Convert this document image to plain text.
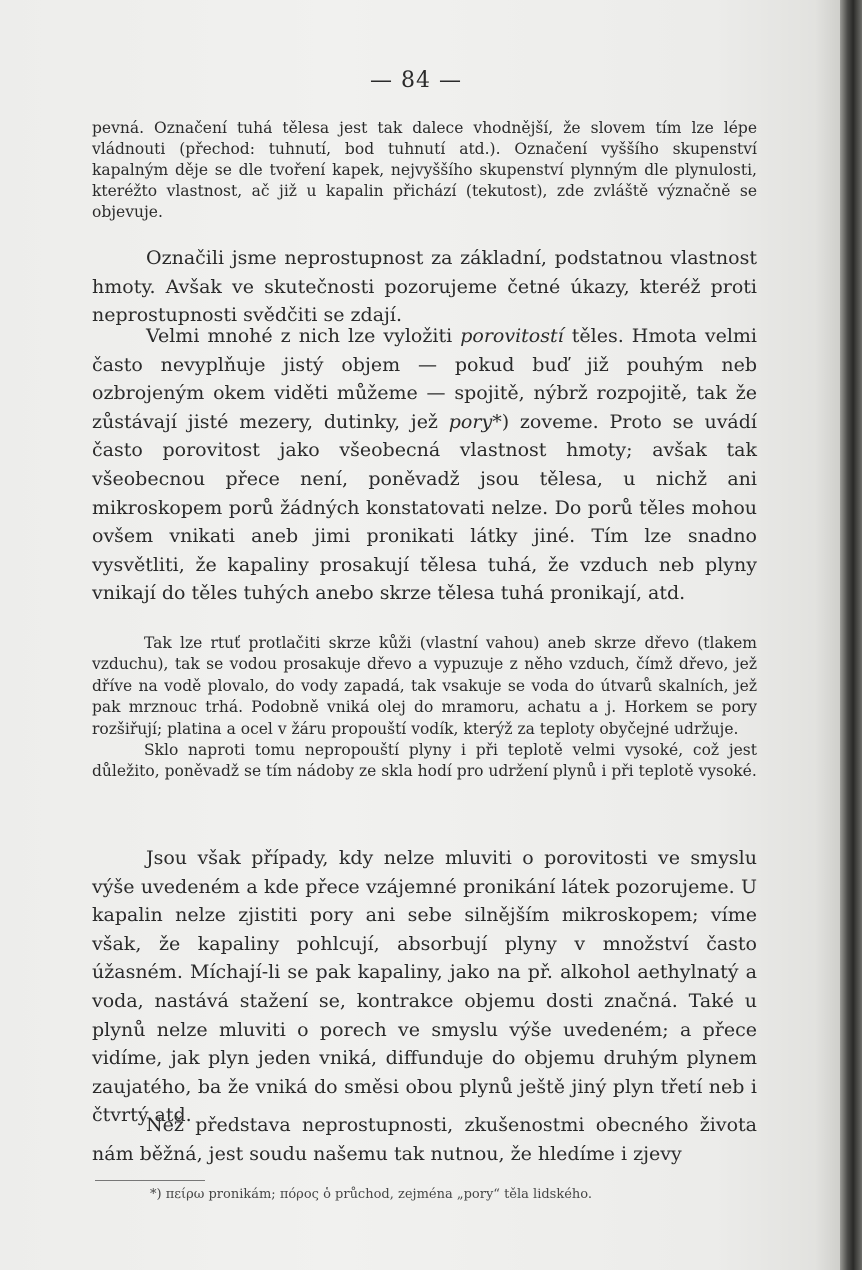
— 84 —

pevná. Označení tuhá tělesa jest tak dalece vhodnější, že slovem tím lze lépe vládnouti (přechod: tuhnutí, bod tuhnutí atd.). Označení vyššího skupenství kapalným děje se dle tvoření kapek, nejvyššího skupenství plynným dle plynulosti, kteréžto vlastnost, ač již u kapalin přichází (tekutost), zde zvláště význačně se objevuje.

Označili jsme neprostupnost za základní, podstatnou vlastnost hmoty. Avšak ve skutečnosti pozorujeme četné úkazy, kteréž proti neprostupnosti svědčiti se zdají.

Velmi mnohé z nich lze vyložiti porovitostí těles. Hmota velmi často nevyplňuje jistý objem — pokud buď již pouhým neb ozbrojeným okem viděti můžeme — spojitě, nýbrž rozpojitě, tak že zůstávají jisté mezery, dutinky, jež pory*) zoveme. Proto se uvádí často porovitost jako všeobecná vlastnost hmoty; avšak tak všeobecnou přece není, poněvadž jsou tělesa, u nichž ani mikroskopem porů žádných konstatovati nelze. Do porů těles mohou ovšem vnikati aneb jimi pronikati látky jiné. Tím lze snadno vysvětliti, že kapaliny prosakují tělesa tuhá, že vzduch neb plyny vnikají do těles tuhých anebo skrze tělesa tuhá pronikají, atd.

Tak lze rtuť protlačiti skrze kůži (vlastní vahou) aneb skrze dřevo (tlakem vzduchu), tak se vodou prosakuje dřevo a vypuzuje z něho vzduch, čímž dřevo, jež dříve na vodě plovalo, do vody zapadá, tak vsakuje se voda do útvarů skalních, jež pak mrznouc trhá. Podobně vniká olej do mramoru, achatu a j. Horkem se pory rozšiřují; platina a ocel v žáru propouští vodík, kterýž za teploty obyčejné udržuje.

Sklo naproti tomu nepropouští plyny i při teplotě velmi vysoké, což jest důležito, poněvadž se tím nádoby ze skla hodí pro udržení plynů i při teplotě vysoké.

Jsou však případy, kdy nelze mluviti o porovitosti ve smyslu výše uvedeném a kde přece vzájemné pronikání látek pozorujeme. U kapalin nelze zjistiti pory ani sebe silnějším mikroskopem; víme však, že kapaliny pohlcují, absorbují plyny v množství často úžasném. Míchají-li se pak kapaliny, jako na př. alkohol aethylnatý a voda, nastává stažení se, kontrakce objemu dosti značná. Také u plynů nelze mluviti o porech ve smyslu výše uvedeném; a přece vidíme, jak plyn jeden vniká, diffunduje do objemu druhým plynem zaujatého, ba že vniká do směsi obou plynů ještě jiný plyn třetí neb i čtvrtý atd.

Než představa neprostupnosti, zkušenostmi obecného života nám běžná, jest soudu našemu tak nutnou, že hledíme i zjevy

*) πείρω pronikám; πόρος ὁ průchod, zejména „pory“ těla lidského.
